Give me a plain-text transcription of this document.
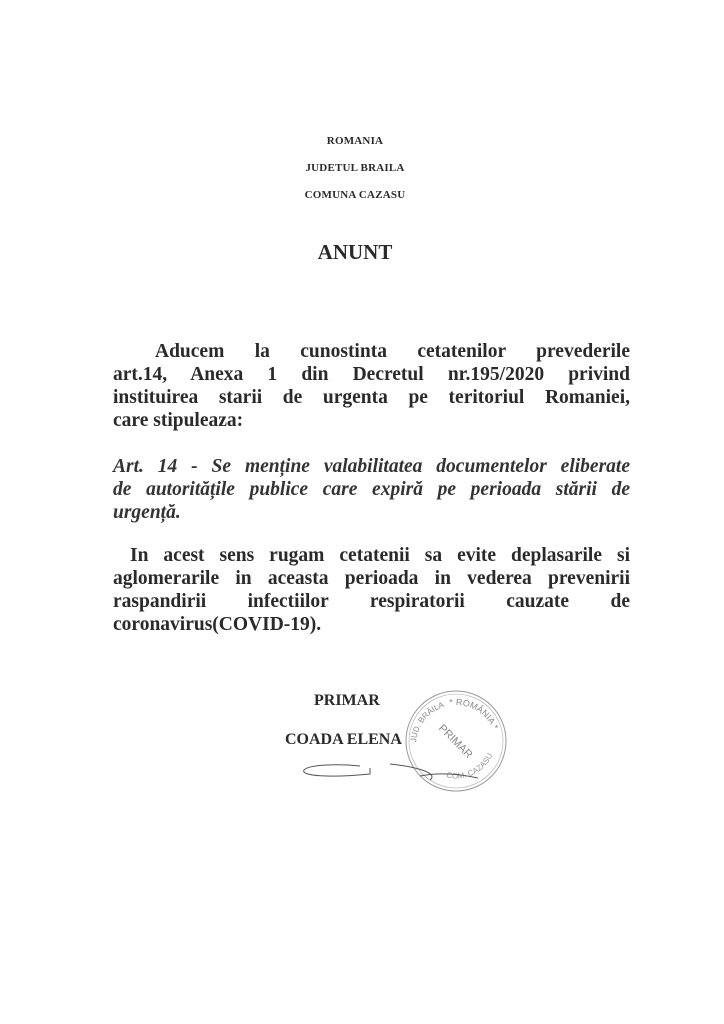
ROMANIA
JUDETUL BRAILA
COMUNA CAZASU
ANUNT
Aducem la cunostinta cetatenilor prevederile
art.14, Anexa 1 din Decretul nr.195/2020 privind
instituirea starii de urgenta pe teritoriul Romaniei,
care stipuleaza:
Art. 14 - Se menține valabilitatea documentelor eliberate
de autoritățile publice care expiră pe perioada stării de
urgență.
In acest sens rugam cetatenii sa evite deplasarile si
aglomerarile in aceasta perioada in vederea prevenirii
raspandirii infectiilor respiratorii cauzate de
coronavirus(COVID-19).
PRIMAR
COADA ELENA
* ROMÂNIA *
JUD. BRĂILA
COM. CAZASU
PRIMAR
